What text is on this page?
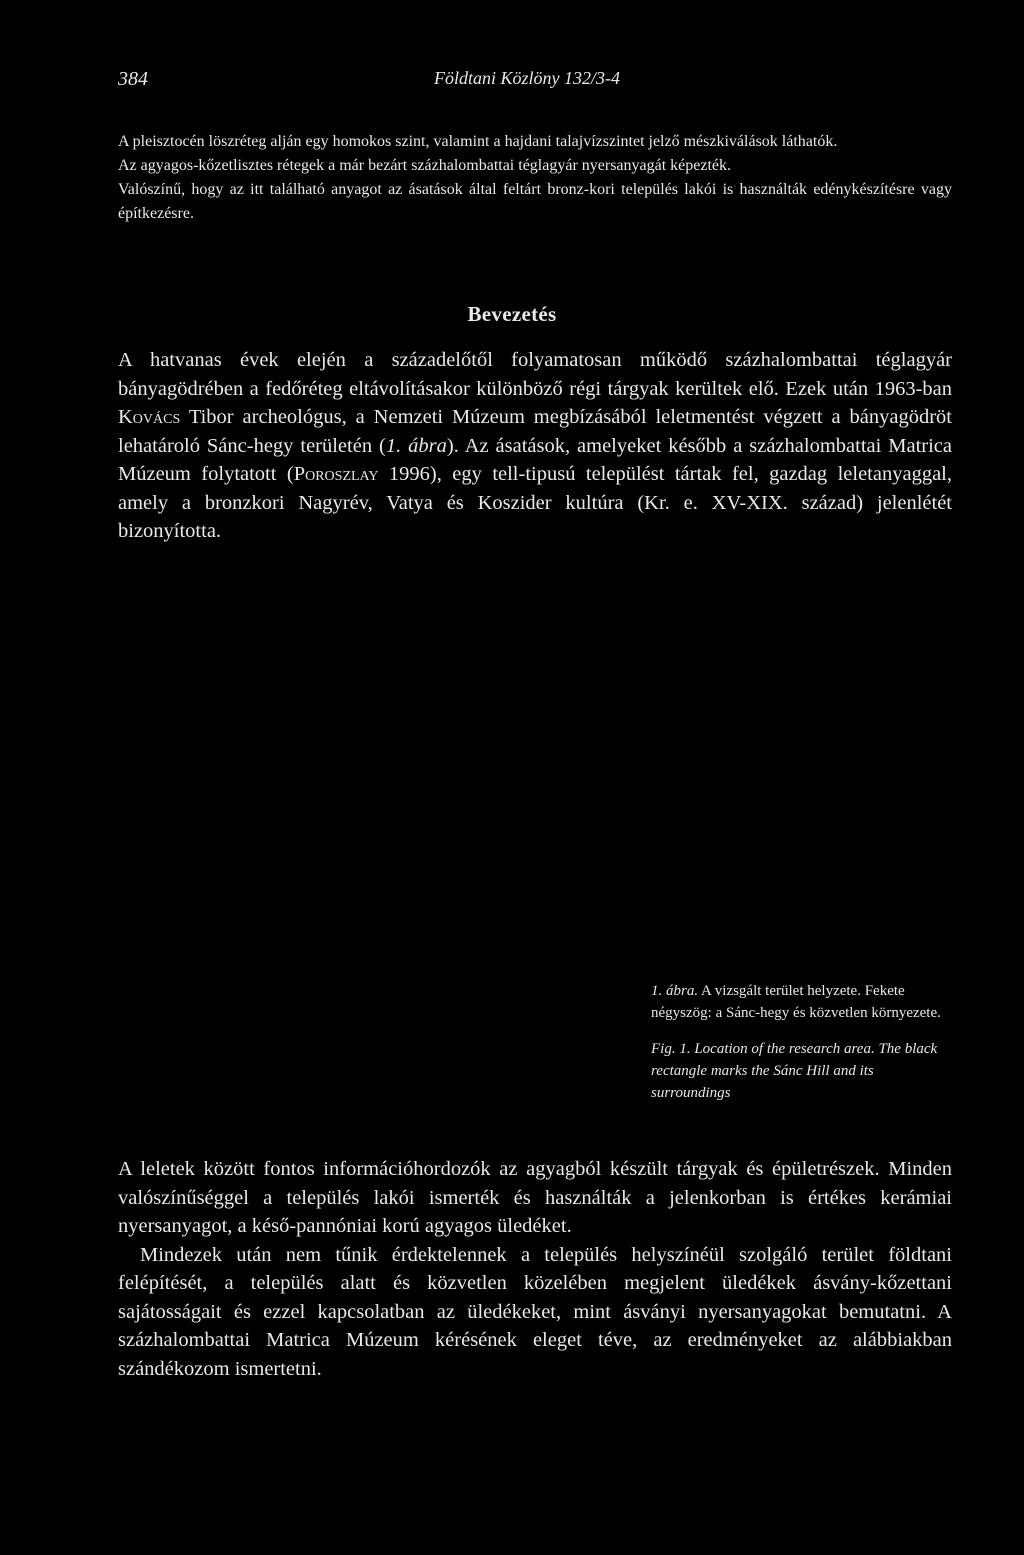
384	Földtani Közlöny 132/3-4

A pleisztocén löszréteg alján egy homokos szint, valamint a hajdani talajvízszintet jelző mészkiválások láthatók.

Az agyagos-kőzetlisztes rétegek a már bezárt százhalombattai téglagyár nyersanyagát képezték.

Valószínű, hogy az itt található anyagot az ásatások által feltárt bronz-kori település lakói is használták edénykészítésre vagy építkezésre.

Bevezetés

A hatvanas évek elején a századelőtől folyamatosan működő százhalombattai téglagyár bányagödrében a fedőréteg eltávolításakor különböző régi tárgyak kerültek elő. Ezek után 1963-ban Kovács Tibor archeológus, a Nemzeti Múzeum megbízásából leletmentést végzett a bányagödröt lehatároló Sánc-hegy területén (1. ábra). Az ásatások, amelyeket később a százhalombattai Matrica Múzeum folytatott (Poroszlay 1996), egy tell-tipusú települést tártak fel, gazdag leletanyaggal, amely a bronzkori Nagyrév, Vatya és Koszider kultúra (Kr. e. XV-XIX. század) jelenlétét bizonyította.

1. ábra. A vizsgált terület helyzete. Fekete négyszög: a Sánc-hegy és közvetlen környezete.

Fig. 1. Location of the research area. The black rectangle marks the Sánc Hill and its surroundings

A leletek között fontos információhordozók az agyagból készült tárgyak és épületrészek. Minden valószínűséggel a település lakói ismerték és használták a jelenkorban is értékes kerámiai nyersanyagot, a késő-pannóniai korú agyagos üledéket.

Mindezek után nem tűnik érdektelennek a település helyszínéül szolgáló terület földtani felépítését, a település alatt és közvetlen közelében megjelent üledékek ásvány-kőzettani sajátosságait és ezzel kapcsolatban az üledékeket, mint ásványi nyersanyagokat bemutatni. A százhalombattai Matrica Múzeum kérésének eleget téve, az eredményeket az alábbiakban szándékozom ismertetni.
